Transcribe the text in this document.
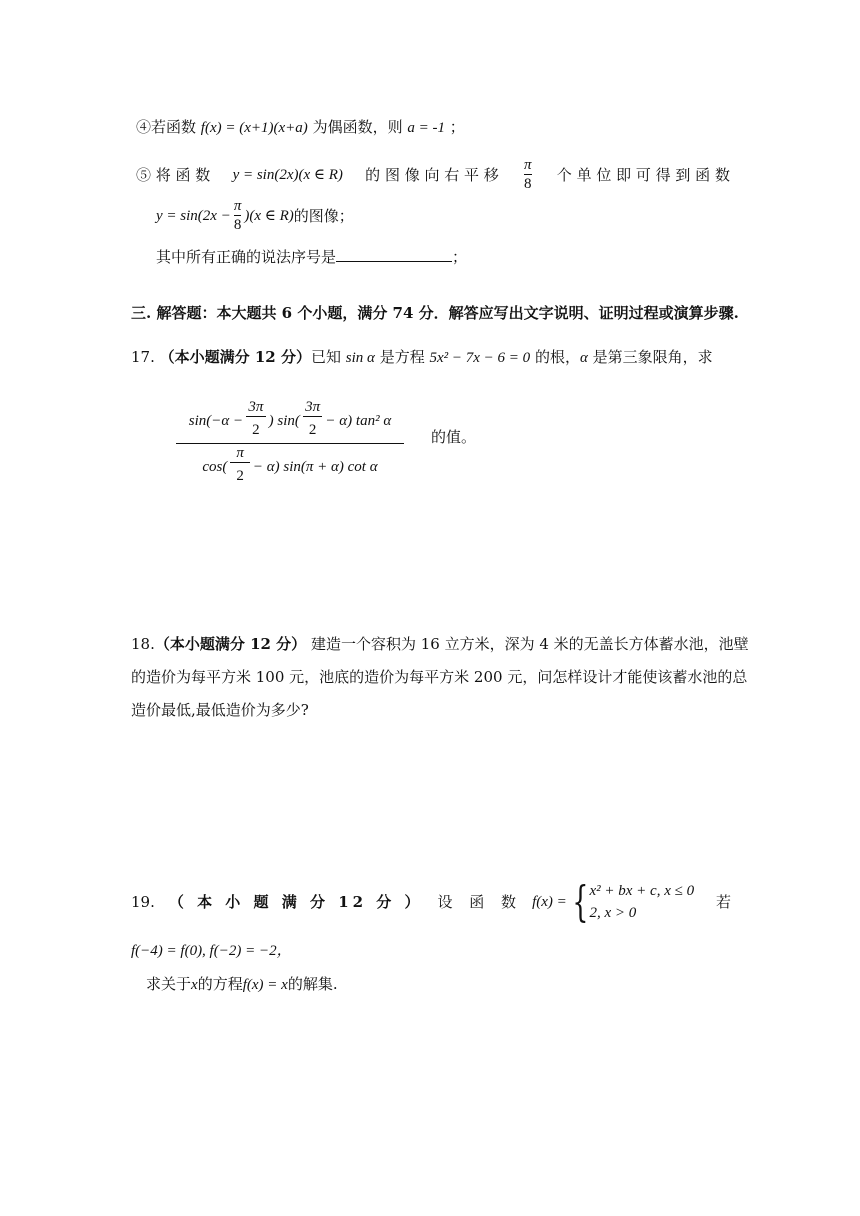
④若函数 f(x) = (x+1)(x+a) 为偶函数，则 a = -1 ；
⑤ 将 函 数 y = sin(2x)(x ∈ R) 的 图 像 向 右 平 移 $\frac{\pi}{8}$ 个 单 位 即 可 得 到 函 数
$y = \sin(2x - \frac{\pi}{8} )(x$ ∈ R) 的图像；
其中所有正确的说法序号是	；
三. 解答题：本大题共 6 个小题，满分 74 分．解答应写出文字说明、证明过程或演算步骤.
17. （本小题满分 12 分）已知 sin α 是方程 5x² − 7x − 6 = 0 的根，α 是第三象限角，求
$\frac{\sin(-\alpha - \frac{3\pi}{2} ) \sin( \frac{3\pi}{2} - \alpha) \tan^2 \alpha}{\cos( \frac{\pi}{2} - \alpha) \sin(\pi + \alpha) \cot \alpha}$ 的值。
18.（本小题满分 12 分） 建造一个容积为 16 立方米，深为 4 米的无盖长方体蓄水池，池壁
的造价为每平方米 100 元，池底的造价为每平方米 200 元，问怎样设计才能使该蓄水池的总
造价最低,最低造价为多少?
19. （ 本 小 题 满 分 12 分 ） 设 函 数 f(x) = { x² + bx + c, x ≤ 0
2, x > 0
若
f(−4) = f(0), f(−2) = −2，
求关于x的方程f(x) = x的解集.
